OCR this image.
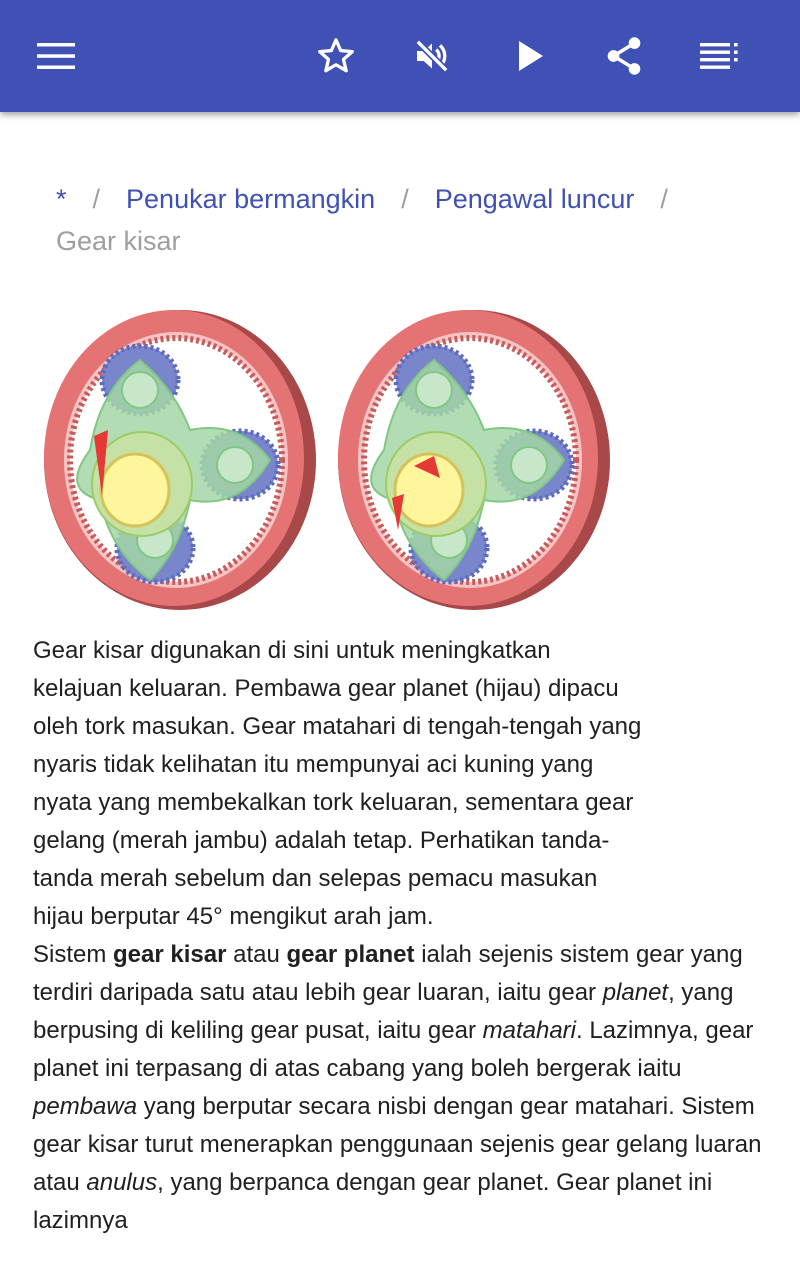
* / Penukar bermangkin / Pengawal luncur /
Gear kisar

Gear kisar digunakan di sini untuk meningkatkan kelajuan keluaran. Pembawa gear planet (hijau) dipacu oleh tork masukan. Gear matahari di tengah-tengah yang nyaris tidak kelihatan itu mempunyai aci kuning yang nyata yang membekalkan tork keluaran, sementara gear gelang (merah jambu) adalah tetap. Perhatikan tanda-tanda merah sebelum dan selepas pemacu masukan hijau berputar 45° mengikut arah jam.

Sistem gear kisar atau gear planet ialah sejenis sistem gear yang terdiri daripada satu atau lebih gear luaran, iaitu gear planet, yang berpusing di keliling gear pusat, iaitu gear matahari. Lazimnya, gear planet ini terpasang di atas cabang yang boleh bergerak iaitu pembawa yang berputar secara nisbi dengan gear matahari. Sistem gear kisar turut menerapkan penggunaan sejenis gear gelang luaran atau anulus, yang berpanca dengan gear planet. Gear planet ini lazimnya
